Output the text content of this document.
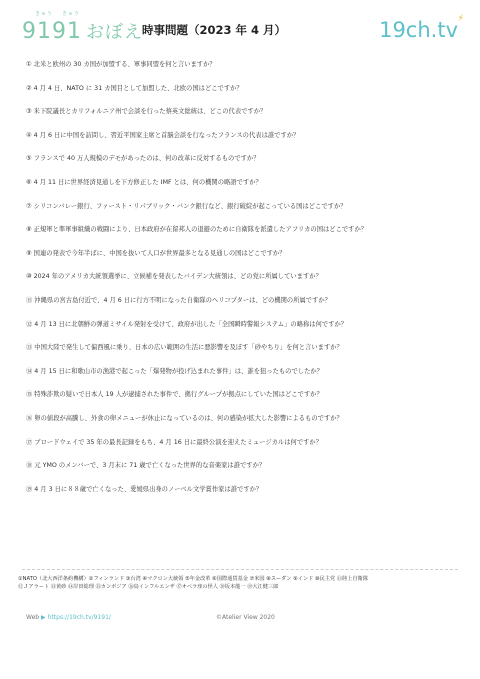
きゅう きゅう
9191 おぼえ 時事問題（2023 年 4 月）	19ch.tv ⚡
① 北米と欧州の 30 カ国が加盟する、軍事同盟を何と言いますか？
② 4 月 4 日、NATO に 31 カ国目として加盟した、北欧の国はどこですか？
③ 米下院議長とカリフォルニア州で会談を行った蔡英文総統は、どこの代表ですか？
④ 4 月 6 日に中国を訪問し、習近平国家主席と首脳会談を行なったフランスの代表は誰ですか？
⑤ フランスで 40 万人規模のデモがあったのは、何の改革に反対するものですか？
⑥ 4 月 11 日に世界経済見通しを下方修正した IMF とは、何の機関の略語ですか？
⑦ シリコンバレー銀行、ファースト・リパブリック・バンク銀行など、銀行破綻が起こっている国はどこですか？
⑧ 正規軍と準軍事組織の戦闘により、日本政府が在留邦人の退避のために自衛隊を派遣したアフリカの国はどこですか？
⑨ 国連の発表で今年半ばに、中国を抜いて人口が世界最多となる見通しの国はどこですか？
⑩ 2024 年のアメリカ大統領選挙に、立候補を発表したバイデン大統領は、どの党に所属していますか？
⑪ 沖縄県の宮古島付近で、4 月 6 日に行方不明になった自衛隊のヘリコプターは、どの機関の所属ですか？
⑫ 4 月 13 日に北朝鮮の弾道ミサイル発射を受けて、政府が出した「全国瞬時警報システム」の略称は何ですか？
⑬ 中国大陸で発生して偏西風に乗り、日本の広い範囲の生活に悪影響を及ぼす「砂やちり」を何と言いますか？
⑭ 4 月 15 日に和歌山市の漁港で起こった「爆発物が投げ込まれた事件」は、誰を狙ったものでしたか？
⑮ 特殊詐欺の疑いで日本人 19 人が逮捕された事件で、拠行グループが拠点にしていた国はどこですか？
⑯ 卵の値段が高騰し、外食の卵メニューが休止になっているのは、何の感染が拡大した影響によるものですか？
⑰ ブロードウェイで 35 年の最長記録をもち、4 月 16 日に最終公演を迎えたミュージカルは何ですか？
⑱ 元 YMO のメンバーで、3 月末に 71 歳で亡くなった世界的な音楽家は誰ですか？
⑲ 4 月 3 日に８８歳で亡くなった、愛媛県出身のノーベル文学賞作家は誰ですか？
①NATO（北大西洋条約機構）②フィンランド ③台湾 ④マクロン大統領 ⑤年金改革 ⑥国際通貨基金 ⑦米国 ⑧スーダン ⑨インド ⑩民主党 ⑪陸上自衛隊
⑫Ｊアラート ⑬黄砂 ⑭岸田総理 ⑮カンボジア ⑯鳥インフルエンザ ⑰オペラ座の怪人 ⑱坂本龍一 ⑲大江健三郎
Web ▶ https://19ch.tv/9191/	©Atelier View 2020
